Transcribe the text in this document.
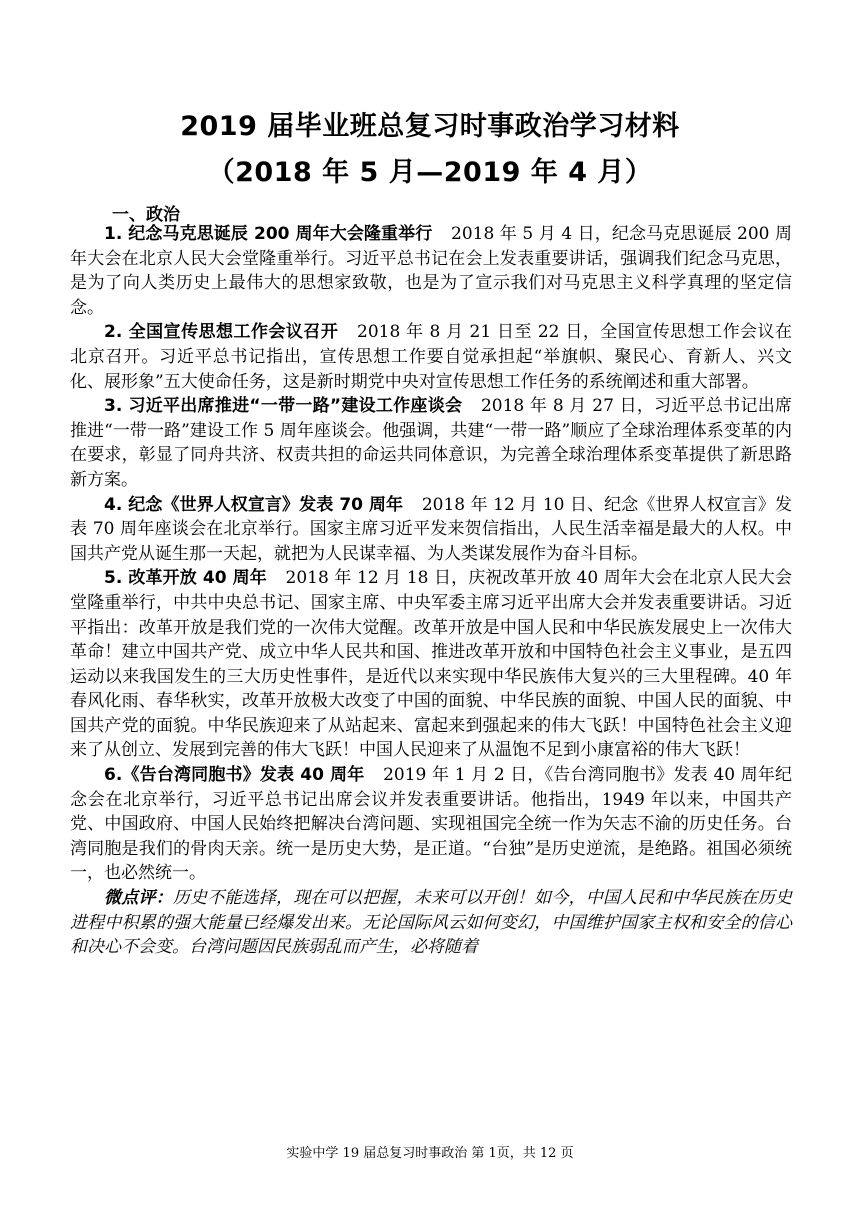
2019 届毕业班总复习时事政治学习材料
（2018 年 5 月—2019 年 4 月）
一、政治

1. 纪念马克思诞辰 200 周年大会隆重举行 2018 年 5 月 4 日，纪念马克思诞辰 200 周年大会在北京人民大会堂隆重举行。习近平总书记在会上发表重要讲话，强调我们纪念马克思，是为了向人类历史上最伟大的思想家致敬，也是为了宣示我们对马克思主义科学真理的坚定信念。

2. 全国宣传思想工作会议召开 2018 年 8 月 21 日至 22 日，全国宣传思想工作会议在北京召开。习近平总书记指出，宣传思想工作要自觉承担起“举旗帜、聚民心、育新人、兴文化、展形象”五大使命任务，这是新时期党中央对宣传思想工作任务的系统阐述和重大部署。

3. 习近平出席推进“一带一路”建设工作座谈会 2018 年 8 月 27 日，习近平总书记出席推进“一带一路”建设工作 5 周年座谈会。他强调，共建“一带一路”顺应了全球治理体系变革的内在要求，彰显了同舟共济、权责共担的命运共同体意识，为完善全球治理体系变革提供了新思路新方案。

4. 纪念《世界人权宣言》发表 70 周年 2018 年 12 月 10 日、纪念《世界人权宣言》发表 70 周年座谈会在北京举行。国家主席习近平发来贺信指出，人民生活幸福是最大的人权。中国共产党从诞生那一天起，就把为人民谋幸福、为人类谋发展作为奋斗目标。

5. 改革开放 40 周年 2018 年 12 月 18 日，庆祝改革开放 40 周年大会在北京人民大会堂隆重举行，中共中央总书记、国家主席、中央军委主席习近平出席大会并发表重要讲话。习近平指出：改革开放是我们党的一次伟大觉醒。改革开放是中国人民和中华民族发展史上一次伟大革命！建立中国共产党、成立中华人民共和国、推进改革开放和中国特色社会主义事业，是五四运动以来我国发生的三大历史性事件，是近代以来实现中华民族伟大复兴的三大里程碑。40 年春风化雨、春华秋实，改革开放极大改变了中国的面貌、中华民族的面貌、中国人民的面貌、中国共产党的面貌。中华民族迎来了从站起来、富起来到强起来的伟大飞跃！中国特色社会主义迎来了从创立、发展到完善的伟大飞跃！中国人民迎来了从温饱不足到小康富裕的伟大飞跃！

6.《告台湾同胞书》发表 40 周年 2019 年 1 月 2 日，《告台湾同胞书》发表 40 周年纪念会在北京举行，习近平总书记出席会议并发表重要讲话。他指出，1949 年以来，中国共产党、中国政府、中国人民始终把解决台湾问题、实现祖国完全统一作为矢志不渝的历史任务。台湾同胞是我们的骨肉天亲。统一是历史大势，是正道。“台独”是历史逆流，是绝路。祖国必须统一，也必然统一。

微点评：历史不能选择，现在可以把握，未来可以开创！如今，中国人民和中华民族在历史进程中积累的强大能量已经爆发出来。无论国际风云如何变幻，中国维护国家主权和安全的信心和决心不会变。台湾问题因民族弱乱而产生，必将随着

实验中学 19 届总复习时事政治 第 1页，共 12 页
